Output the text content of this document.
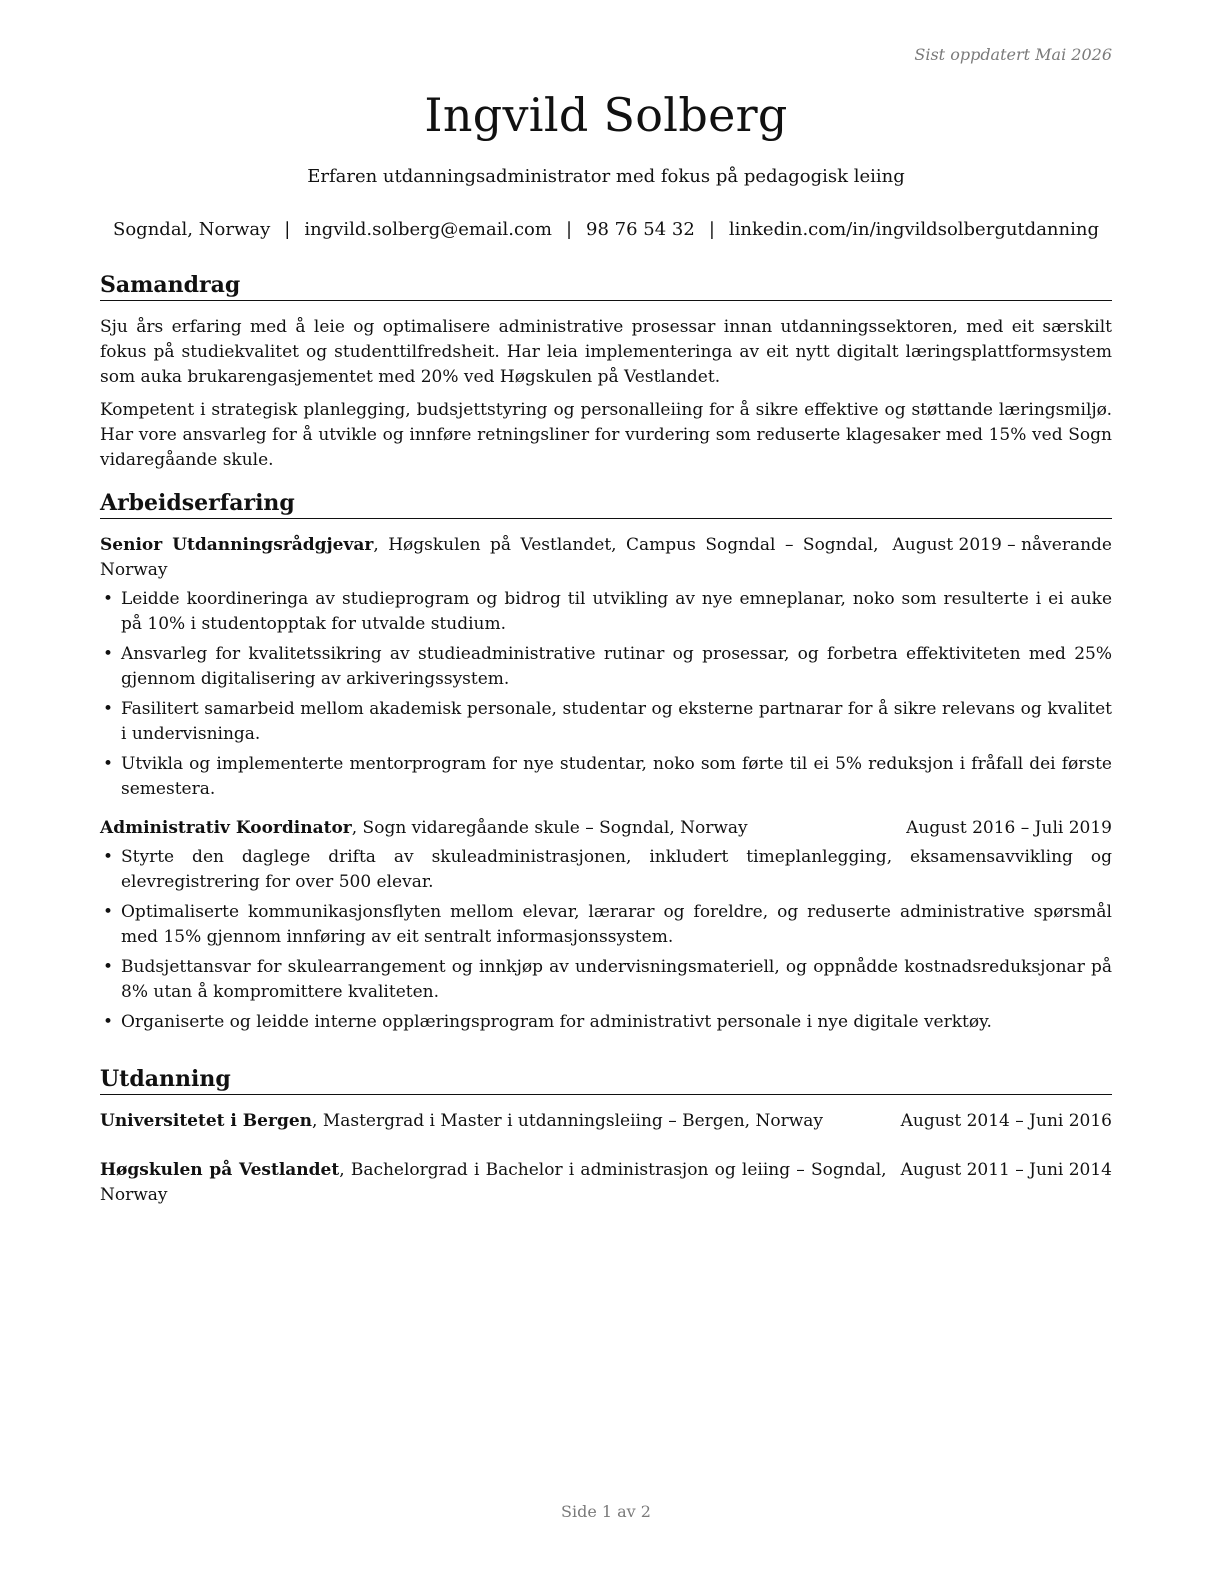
Sist oppdatert Mai 2026
Ingvild Solberg
Erfaren utdanningsadministrator med fokus på pedagogisk leiing
Sogndal, Norway | ingvild.solberg@email.com | 98 76 54 32 | linkedin.com/in/ingvildsolbergutdanning
Samandrag

Sju års erfaring med å leie og optimalisere administrative prosessar innan utdanningssektoren, med eit særskilt fokus på studiekvalitet og studenttilfredsheit. Har leia implementeringa av eit nytt digitalt læringsplattformsystem som auka brukarengasjementet med 20% ved Høgskulen på Vestlandet.

Kompetent i strategisk planlegging, budsjettstyring og personalleiing for å sikre effektive og støttande læringsmiljø. Har vore ansvarleg for å utvikle og innføre retningsliner for vurdering som reduserte klagesaker med 15% ved Sogn vidaregåande skule.

Arbeidserfaring
August 2019 – nåverande
Senior Utdanningsrådgjevar, Høgskulen på Vestlandet, Campus Sogndal – Sogndal, Norway
• Leidde koordineringa av studieprogram og bidrog til utvikling av nye emneplanar, noko som resulterte i ei auke på 10% i studentopptak for utvalde studium.
• Ansvarleg for kvalitetssikring av studieadministrative rutinar og prosessar, og forbetra effektiviteten med 25% gjennom digitalisering av arkiveringssystem.
• Fasilitert samarbeid mellom akademisk personale, studentar og eksterne partnarar for å sikre relevans og kvalitet i undervisninga.
• Utvikla og implementerte mentorprogram for nye studentar, noko som førte til ei 5% reduksjon i fråfall dei første semestera.
August 2016 – Juli 2019
Administrativ Koordinator, Sogn vidaregåande skule – Sogndal, Norway
• Styrte den daglege drifta av skuleadministrasjonen, inkludert timeplanlegging, eksamensavvikling og elevregistrering for over 500 elevar.
• Optimaliserte kommunikasjonsflyten mellom elevar, lærarar og foreldre, og reduserte administrative spørsmål med 15% gjennom innføring av eit sentralt informasjonssystem.
• Budsjettansvar for skulearrangement og innkjøp av undervisningsmateriell, og oppnådde kostnadsreduksjonar på 8% utan å kompromittere kvaliteten.
• Organiserte og leidde interne opplæringsprogram for administrativt personale i nye digitale verktøy.
Utdanning
August 2014 – Juni 2016
Universitetet i Bergen, Mastergrad i Master i utdanningsleiing – Bergen, Norway
August 2011 – Juni 2014
Høgskulen på Vestlandet, Bachelorgrad i Bachelor i administrasjon og leiing – Sogndal, Norway
Side 1 av 2
